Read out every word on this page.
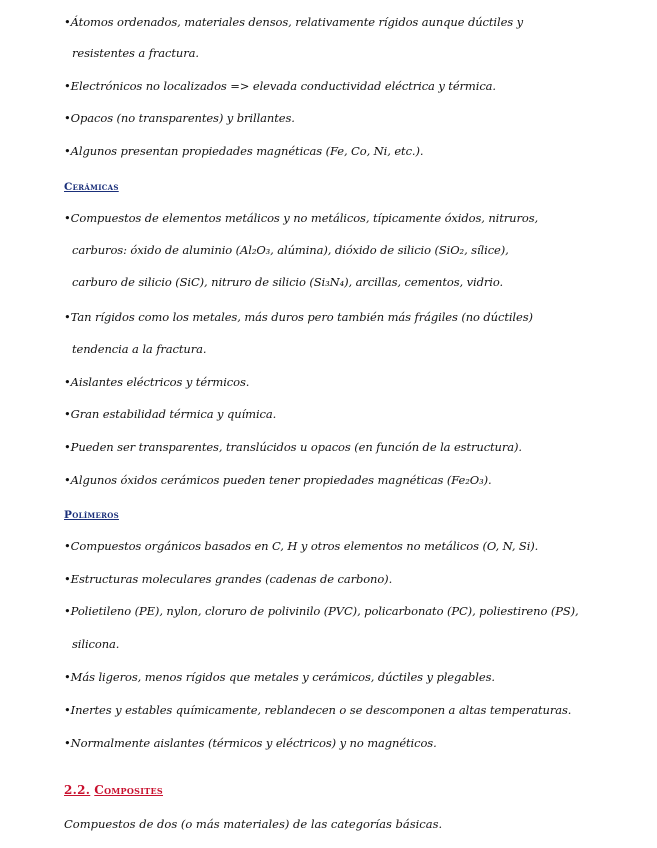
•Átomos ordenados, materiales densos, relativamente rígidos aunque dúctiles y
resistentes a fractura.
•Electrónicos no localizados => elevada conductividad eléctrica y térmica.
•Opacos (no transparentes) y brillantes.
•Algunos presentan propiedades magnéticas (Fe, Co, Ni, etc.).
Cerámicas
•Compuestos de elementos metálicos y no metálicos, típicamente óxidos, nitruros,
carburos: óxido de aluminio (Al₂O₃, alúmina), dióxido de silicio (SiO₂, sílice),
carburo de silicio (SiC), nitruro de silicio (Si₃N₄), arcillas, cementos, vidrio.
•Tan rígidos como los metales, más duros pero también más frágiles (no dúctiles)
tendencia a la fractura.
•Aislantes eléctricos y térmicos.
•Gran estabilidad térmica y química.
•Pueden ser transparentes, translúcidos u opacos (en función de la estructura).
•Algunos óxidos cerámicos pueden tener propiedades magnéticas (Fe₂O₃).
Polímeros
•Compuestos orgánicos basados en C, H y otros elementos no metálicos (O, N, Si).
•Estructuras moleculares grandes (cadenas de carbono).
•Polietileno (PE), nylon, cloruro de polivinilo (PVC), policarbonato (PC), poliestireno (PS),
silicona.
•Más ligeros, menos rígidos que metales y cerámicos, dúctiles y plegables.
•Inertes y estables químicamente, reblandecen o se descomponen a altas temperaturas.
•Normalmente aislantes (térmicos y eléctricos) y no magnéticos.
2.2. Composites
Compuestos de dos (o más materiales) de las categorías básicas.
